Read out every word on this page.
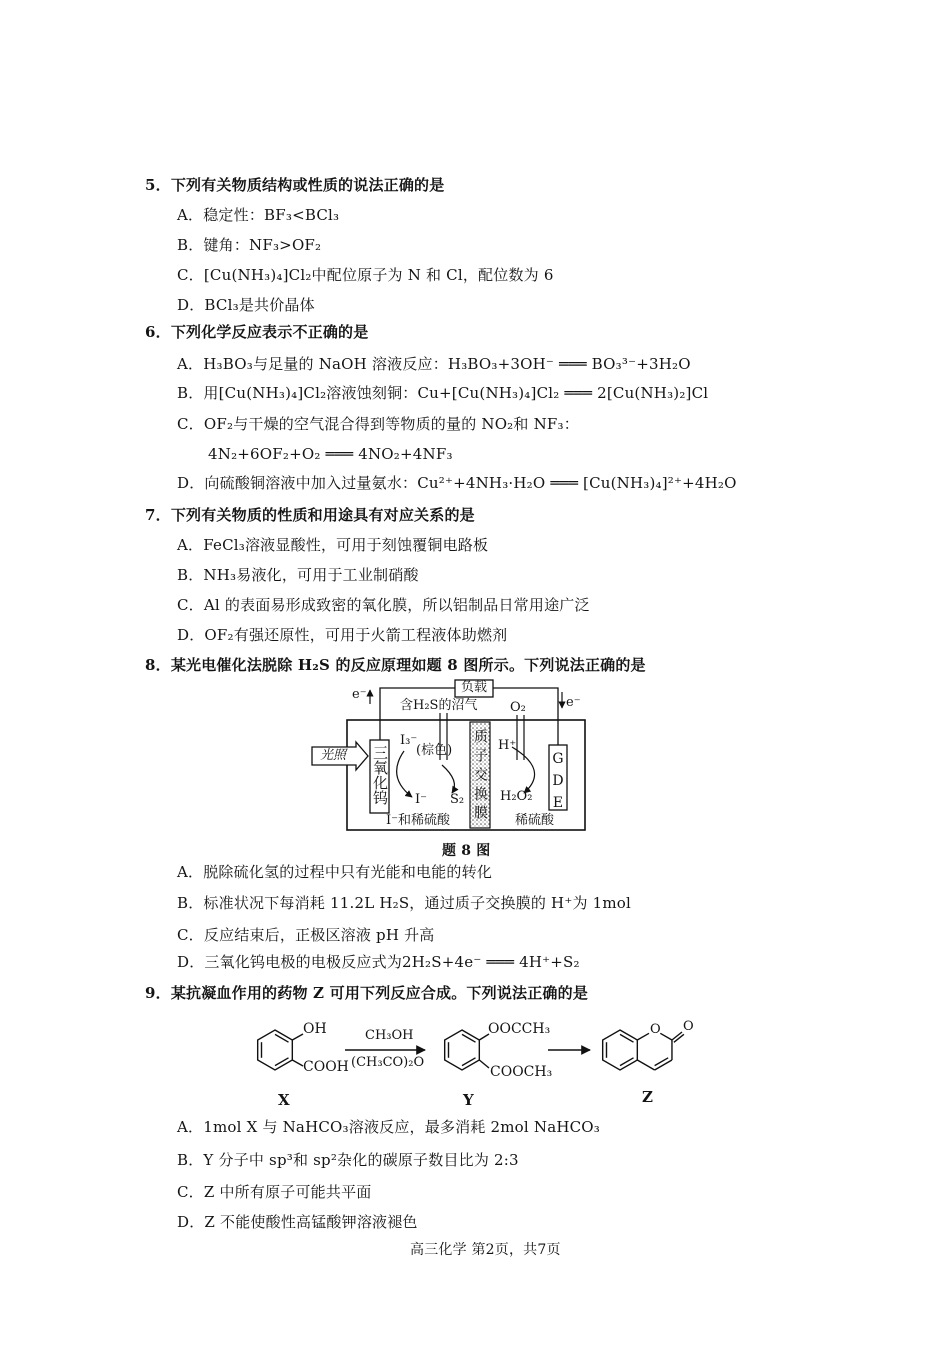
5．下列有关物质结构或性质的说法正确的是
A．稳定性：BF₃<BCl₃
B．键角：NF₃>OF₂
C．[Cu(NH₃)₄]Cl₂中配位原子为 N 和 Cl，配位数为 6
D．BCl₃是共价晶体
6．下列化学反应表示不正确的是
A．H₃BO₃与足量的 NaOH 溶液反应：H₃BO₃+3OH⁻ ═══ BO₃³⁻+3H₂O
B．用[Cu(NH₃)₄]Cl₂溶液蚀刻铜：Cu+[Cu(NH₃)₄]Cl₂ ═══ 2[Cu(NH₃)₂]Cl
C．OF₂与干燥的空气混合得到等物质的量的 NO₂和 NF₃：
4N₂+6OF₂+O₂ ═══ 4NO₂+4NF₃
D．向硫酸铜溶液中加入过量氨水：Cu²⁺+4NH₃·H₂O ═══ [Cu(NH₃)₄]²⁺+4H₂O
7．下列有关物质的性质和用途具有对应关系的是
A．FeCl₃溶液显酸性，可用于刻蚀覆铜电路板
B．NH₃易液化，可用于工业制硝酸
C．Al 的表面易形成致密的氧化膜，所以铝制品日常用途广泛
D．OF₂有强还原性，可用于火箭工程液体助燃剂
8．某光电催化法脱除 H₂S 的反应原理如题 8 图所示。下列说法正确的是
负载
e⁻
e⁻
含H₂S的沼气	O₂
光照 三氧化钨
I₃⁻
(棕色)
I⁻ S₂
H⁺
H₂O₂
质子交换膜	GDE
I⁻和稀硫酸	稀硫酸
题 8 图
A．脱除硫化氢的过程中只有光能和电能的转化
B．标准状况下每消耗 11.2L H₂S，通过质子交换膜的 H⁺为 1mol
C．反应结束后，正极区溶液 pH 升高
D．三氧化钨电极的电极反应式为2H₂S+4e⁻ ═══ 4H⁺+S₂
9．某抗凝血作用的药物 Z 可用下列反应合成。下列说法正确的是
OH
COOH
CH₃OH
(CH₃CO)₂O
OOCCH₃
COOCH₃
O O
X	Y	Z
A．1mol X 与 NaHCO₃溶液反应，最多消耗 2mol NaHCO₃
B．Y 分子中 sp³和 sp²杂化的碳原子数目比为 2:3
C．Z 中所有原子可能共平面
D．Z 不能使酸性高锰酸钾溶液褪色
高三化学 第2页，共7页
